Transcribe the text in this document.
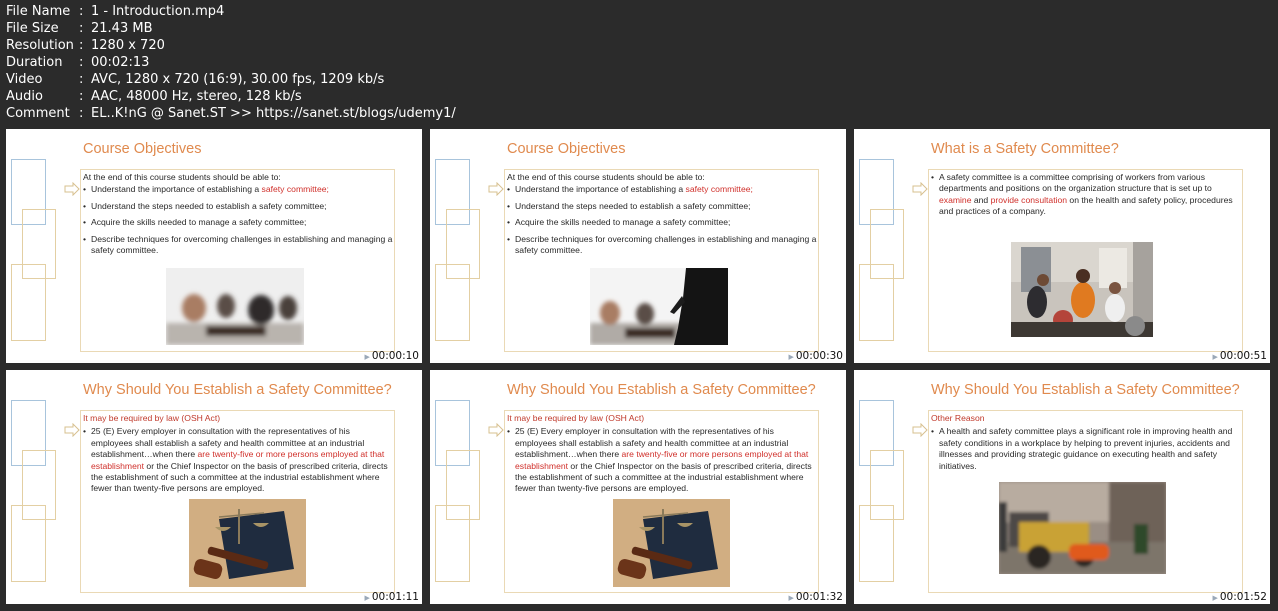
File Name : 1 - Introduction.mp4
File Size	: 21.43 MB
Resolution : 1280 x 720
Duration	: 00:02:13
Video	: AVC, 1280 x 720 (16:9), 30.00 fps, 1209 kb/s
Audio	: AAC, 48000 Hz, stereo, 128 kb/s
Comment : EL..K!nG @ Sanet.ST >> https://sanet.st/blogs/udemy1/
Course Objectives
At the end of this course students should be able to:
• Understand the importance of establishing a safety committee;
• Understand the steps needed to establish a safety committee;
• Acquire the skills needed to manage a safety committee;
• Describe techniques for overcoming challenges in establishing and managing a safety committee.
▶ 00:00:10
Course Objectives
At the end of this course students should be able to:
• Understand the importance of establishing a safety committee;
• Understand the steps needed to establish a safety committee;
• Acquire the skills needed to manage a safety committee;
• Describe techniques for overcoming challenges in establishing and managing a safety committee.
▶ 00:00:30
What is a Safety Committee?
• A safety committee is a committee comprising of workers from various departments and positions on the organization structure that is set up to examine and provide consultation on the health and safety policy, procedures and practices of a company.
▶ 00:00:51
Why Should You Establish a Safety Committee?
It may be required by law (OSH Act)
• 25 (E) Every employer in consultation with the representatives of his employees shall establish a safety and health committee at an industrial establishment…when there are twenty-five or more persons employed at that establishment or the Chief Inspector on the basis of prescribed criteria, directs the establishment of such a committee at the industrial establishment where fewer than twenty-five persons are employed.
▶ 00:01:11
Why Should You Establish a Safety Committee?
It may be required by law (OSH Act)
• 25 (E) Every employer in consultation with the representatives of his employees shall establish a safety and health committee at an industrial establishment…when there are twenty-five or more persons employed at that establishment or the Chief Inspector on the basis of prescribed criteria, directs the establishment of such a committee at the industrial establishment where fewer than twenty-five persons are employed.
▶ 00:01:32
Why Should You Establish a Safety Committee?
Other Reason
• A health and safety committee plays a significant role in improving health and safety conditions in a workplace by helping to prevent injuries, accidents and illnesses and providing strategic guidance on executing health and safety initiatives.
▶ 00:01:52
